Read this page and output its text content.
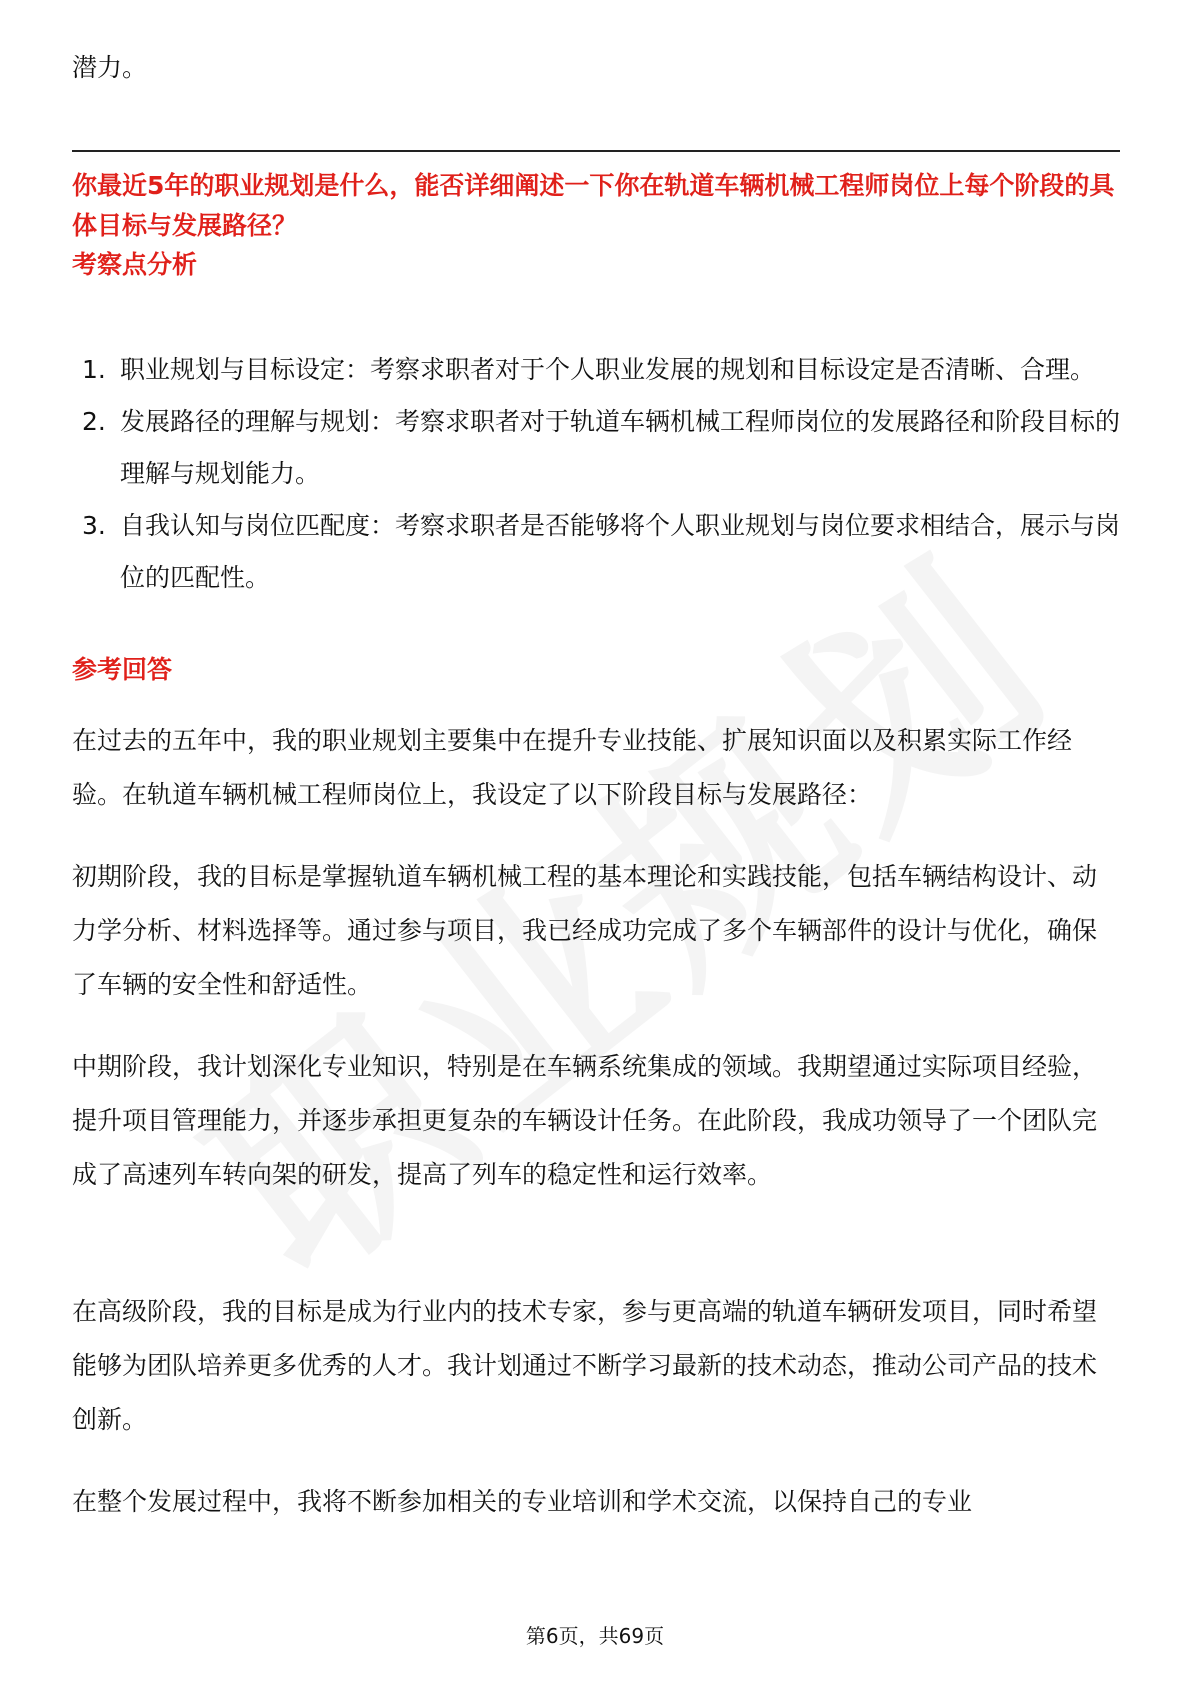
潜力。

你最近5年的职业规划是什么，能否详细阐述一下你在轨道车辆机械工程师岗位上每个阶段的具体目标与发展路径？

考察点分析

1. 职业规划与目标设定：考察求职者对于个人职业发展的规划和目标设定是否清晰、合理。
2. 发展路径的理解与规划：考察求职者对于轨道车辆机械工程师岗位的发展路径和阶段目标的理解与规划能力。
3. 自我认知与岗位匹配度：考察求职者是否能够将个人职业规划与岗位要求相结合，展示与岗位的匹配性。

参考回答

在过去的五年中，我的职业规划主要集中在提升专业技能、扩展知识面以及积累实际工作经验。在轨道车辆机械工程师岗位上，我设定了以下阶段目标与发展路径：

初期阶段，我的目标是掌握轨道车辆机械工程的基本理论和实践技能，包括车辆结构设计、动力学分析、材料选择等。通过参与项目，我已经成功完成了多个车辆部件的设计与优化，确保了车辆的安全性和舒适性。

中期阶段，我计划深化专业知识，特别是在车辆系统集成的领域。我期望通过实际项目经验，提升项目管理能力，并逐步承担更复杂的车辆设计任务。在此阶段，我成功领导了一个团队完成了高速列车转向架的研发，提高了列车的稳定性和运行效率。

在高级阶段，我的目标是成为行业内的技术专家，参与更高端的轨道车辆研发项目，同时希望能够为团队培养更多优秀的人才。我计划通过不断学习最新的技术动态，推动公司产品的技术创新。

在整个发展过程中，我将不断参加相关的专业培训和学术交流，以保持自己的专业

第6页，共69页
